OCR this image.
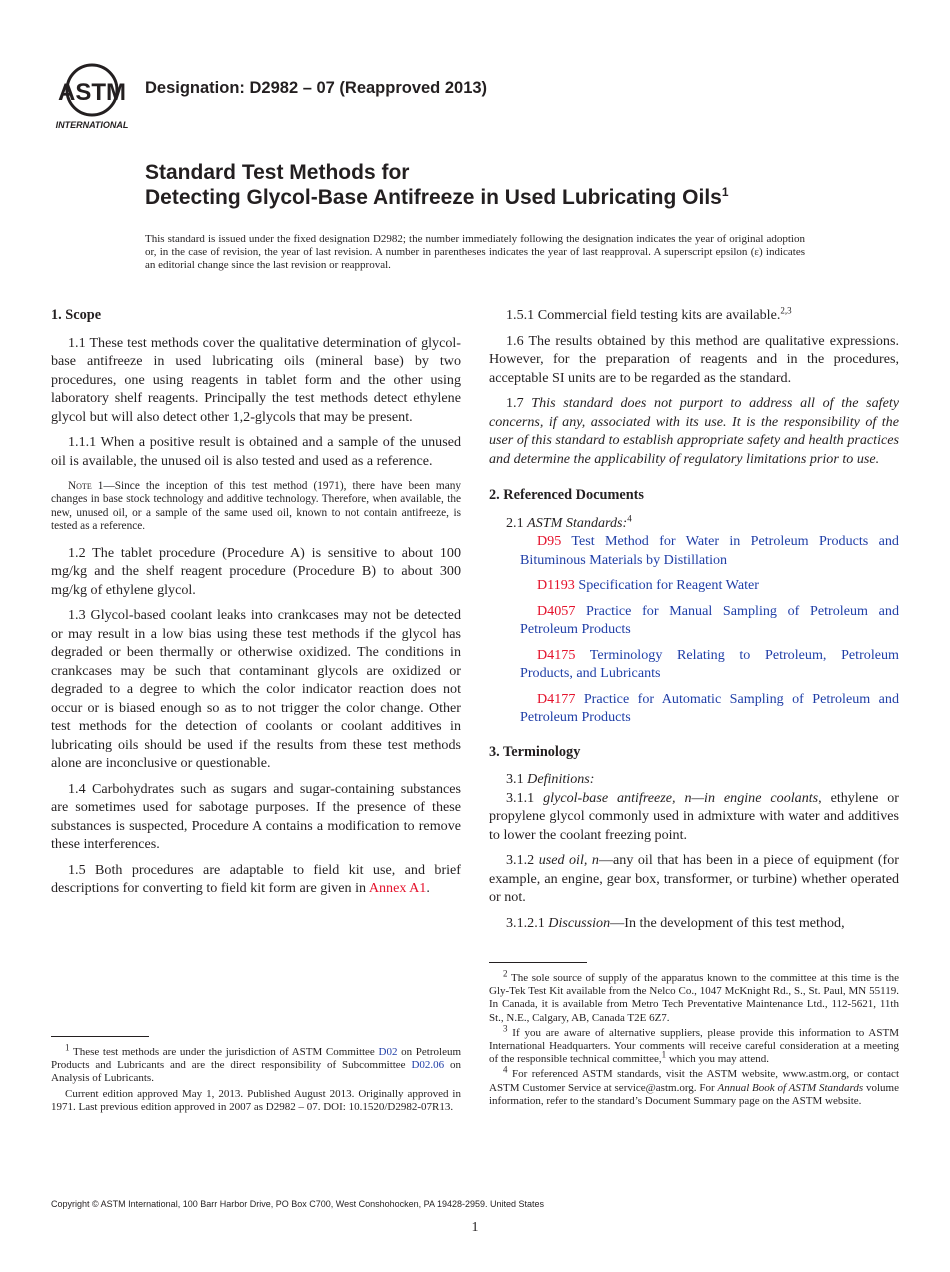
ASTM
INTERNATIONAL
Designation: D2982 – 07 (Reapproved 2013)
Standard Test Methods for
Detecting Glycol-Base Antifreeze in Used Lubricating Oils$^1$
This standard is issued under the fixed designation D2982; the number immediately following the designation indicates the year of original adoption or, in the case of revision, the year of last revision. A number in parentheses indicates the year of last reapproval. A superscript epsilon (ε) indicates an editorial change since the last revision or reapproval.
1. Scope

1.1 These test methods cover the qualitative determination of glycol-base antifreeze in used lubricating oils (mineral base) by two procedures, one using reagents in tablet form and the other using laboratory shelf reagents. Principally the test methods detect ethylene glycol but will also detect other 1,2-glycols that may be present.

1.1.1 When a positive result is obtained and a sample of the unused oil is available, the unused oil is also tested and used as a reference.

Note 1—Since the inception of this test method (1971), there have been many changes in base stock technology and additive technology. Therefore, when available, the new, unused oil, or a sample of the same used oil, known to not contain antifreeze, is tested as a reference.

1.2 The tablet procedure (Procedure A) is sensitive to about 100 mg/kg and the shelf reagent procedure (Procedure B) to about 300 mg/kg of ethylene glycol.

1.3 Glycol-based coolant leaks into crankcases may not be detected or may result in a low bias using these test methods if the glycol has degraded or been thermally or otherwise oxidized. The conditions in crankcases may be such that contaminant glycols are oxidized or degraded to a degree to which the color indicator reaction does not occur or is biased enough so as to not trigger the color change. Other test methods for the detection of coolants or coolant additives in lubricating oils should be used if the results from these test methods alone are inconclusive or questionable.

1.4 Carbohydrates such as sugars and sugar-containing substances are sometimes used for sabotage purposes. If the presence of these substances is suspected, Procedure A contains a modification to remove these interferences.

1.5 Both procedures are adaptable to field kit use, and brief descriptions for converting to field kit form are given in Annex A1.

1.5.1 Commercial field testing kits are available.$^{2,3}$

1.6 The results obtained by this method are qualitative expressions. However, for the preparation of reagents and in the procedures, acceptable SI units are to be regarded as the standard.

1.7 This standard does not purport to address all of the safety concerns, if any, associated with its use. It is the responsibility of the user of this standard to establish appropriate safety and health practices and determine the applicability of regulatory limitations prior to use.

2. Referenced Documents

2.1 ASTM Standards:$^4$

D95 Test Method for Water in Petroleum Products and Bituminous Materials by Distillation

D1193 Specification for Reagent Water

D4057 Practice for Manual Sampling of Petroleum and Petroleum Products

D4175 Terminology Relating to Petroleum, Petroleum Products, and Lubricants

D4177 Practice for Automatic Sampling of Petroleum and Petroleum Products

3. Terminology

3.1 Definitions:

3.1.1 glycol-base antifreeze, n—in engine coolants, ethylene or propylene glycol commonly used in admixture with water and additives to lower the coolant freezing point.

3.1.2 used oil, n—any oil that has been in a piece of equipment (for example, an engine, gear box, transformer, or turbine) whether operated or not.

3.1.2.1 Discussion—In the development of this test method,

$^1$ These test methods are under the jurisdiction of ASTM Committee D02 on Petroleum Products and Lubricants and are the direct responsibility of Subcommittee D02.06 on Analysis of Lubricants.

Current edition approved May 1, 2013. Published August 2013. Originally approved in 1971. Last previous edition approved in 2007 as D2982 – 07. DOI: 10.1520/D2982-07R13.

$^2$ The sole source of supply of the apparatus known to the committee at this time is the Gly-Tek Test Kit available from the Nelco Co., 1047 McKnight Rd., S., St. Paul, MN 55119. In Canada, it is available from Metro Tech Preventative Maintenance Ltd., 112-5621, 11th St., N.E., Calgary, AB, Canada T2E 6Z7.

$^3$ If you are aware of alternative suppliers, please provide this information to ASTM International Headquarters. Your comments will receive careful consideration at a meeting of the responsible technical committee,$^1$ which you may attend.

$^4$ For referenced ASTM standards, visit the ASTM website, www.astm.org, or contact ASTM Customer Service at service@astm.org. For Annual Book of ASTM Standards volume information, refer to the standard’s Document Summary page on the ASTM website.

Copyright © ASTM International, 100 Barr Harbor Drive, PO Box C700, West Conshohocken, PA 19428-2959. United States
1
